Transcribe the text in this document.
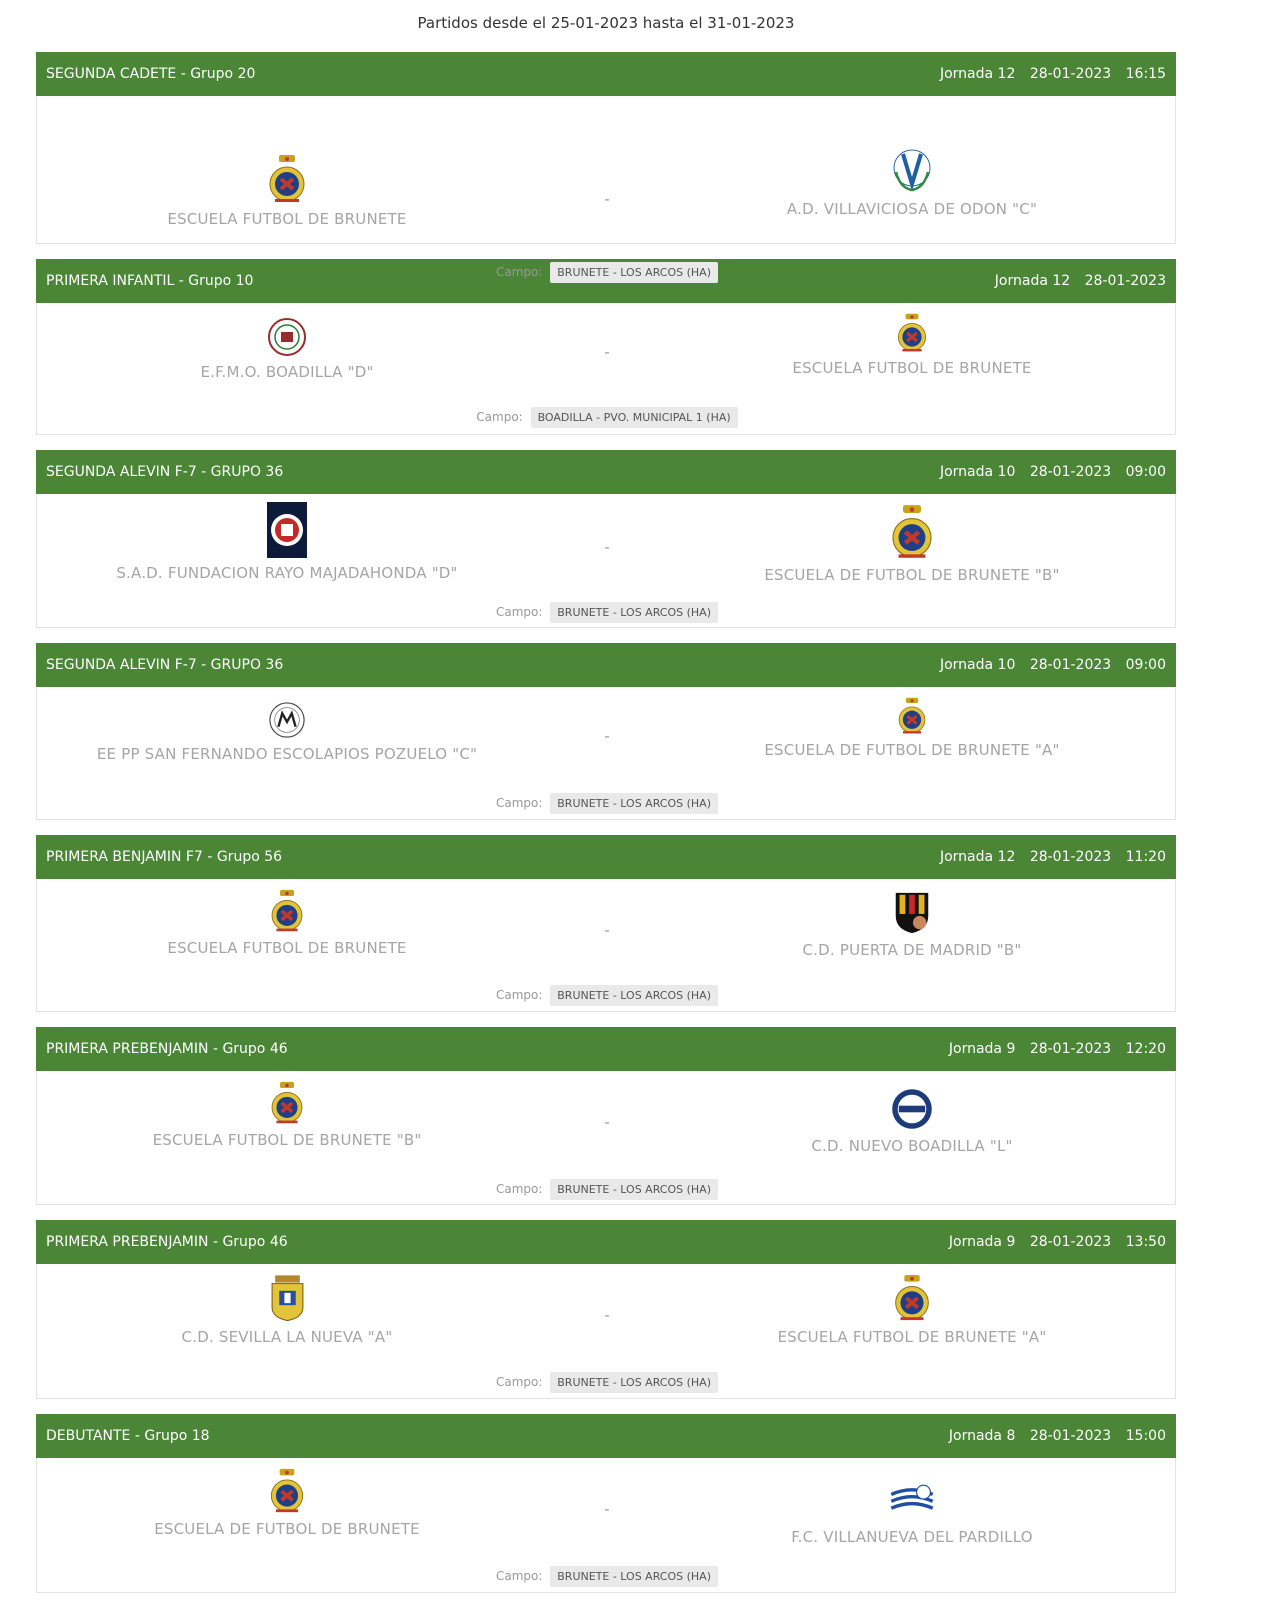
Partidos desde el 25-01-2023 hasta el 31-01-2023
SEGUNDA CADETE - Grupo 20	Jornada 12 28-01-2023 16:15
ESCUELA FUTBOL DE BRUNETE
-
A.D. VILLAVICIOSA DE ODON "C"
Campo: BRUNETE - LOS ARCOS (HA)
PRIMERA INFANTIL - Grupo 10	Jornada 12 28-01-2023
E.F.M.O. BOADILLA "D"
-
ESCUELA FUTBOL DE BRUNETE
Campo: BOADILLA - PVO. MUNICIPAL 1 (HA)
SEGUNDA ALEVIN F-7 - GRUPO 36	Jornada 10 28-01-2023 09:00
S.A.D. FUNDACION RAYO MAJADAHONDA "D"
-
ESCUELA DE FUTBOL DE BRUNETE "B"
Campo: BRUNETE - LOS ARCOS (HA)
SEGUNDA ALEVIN F-7 - GRUPO 36	Jornada 10 28-01-2023 09:00
EE PP SAN FERNANDO ESCOLAPIOS POZUELO "C"
-
ESCUELA DE FUTBOL DE BRUNETE "A"
Campo: BRUNETE - LOS ARCOS (HA)
PRIMERA BENJAMIN F7 - Grupo 56	Jornada 12 28-01-2023 11:20
ESCUELA FUTBOL DE BRUNETE
-
C.D. PUERTA DE MADRID "B"
Campo: BRUNETE - LOS ARCOS (HA)
PRIMERA PREBENJAMIN - Grupo 46	Jornada 9 28-01-2023 12:20
ESCUELA FUTBOL DE BRUNETE "B"
-
C.D. NUEVO BOADILLA "L"
Campo: BRUNETE - LOS ARCOS (HA)
PRIMERA PREBENJAMIN - Grupo 46	Jornada 9 28-01-2023 13:50
C.D. SEVILLA LA NUEVA "A"
-
ESCUELA FUTBOL DE BRUNETE "A"
Campo: BRUNETE - LOS ARCOS (HA)
DEBUTANTE - Grupo 18	Jornada 8 28-01-2023 15:00
ESCUELA DE FUTBOL DE BRUNETE
-
F.C. VILLANUEVA DEL PARDILLO
Campo: BRUNETE - LOS ARCOS (HA)
